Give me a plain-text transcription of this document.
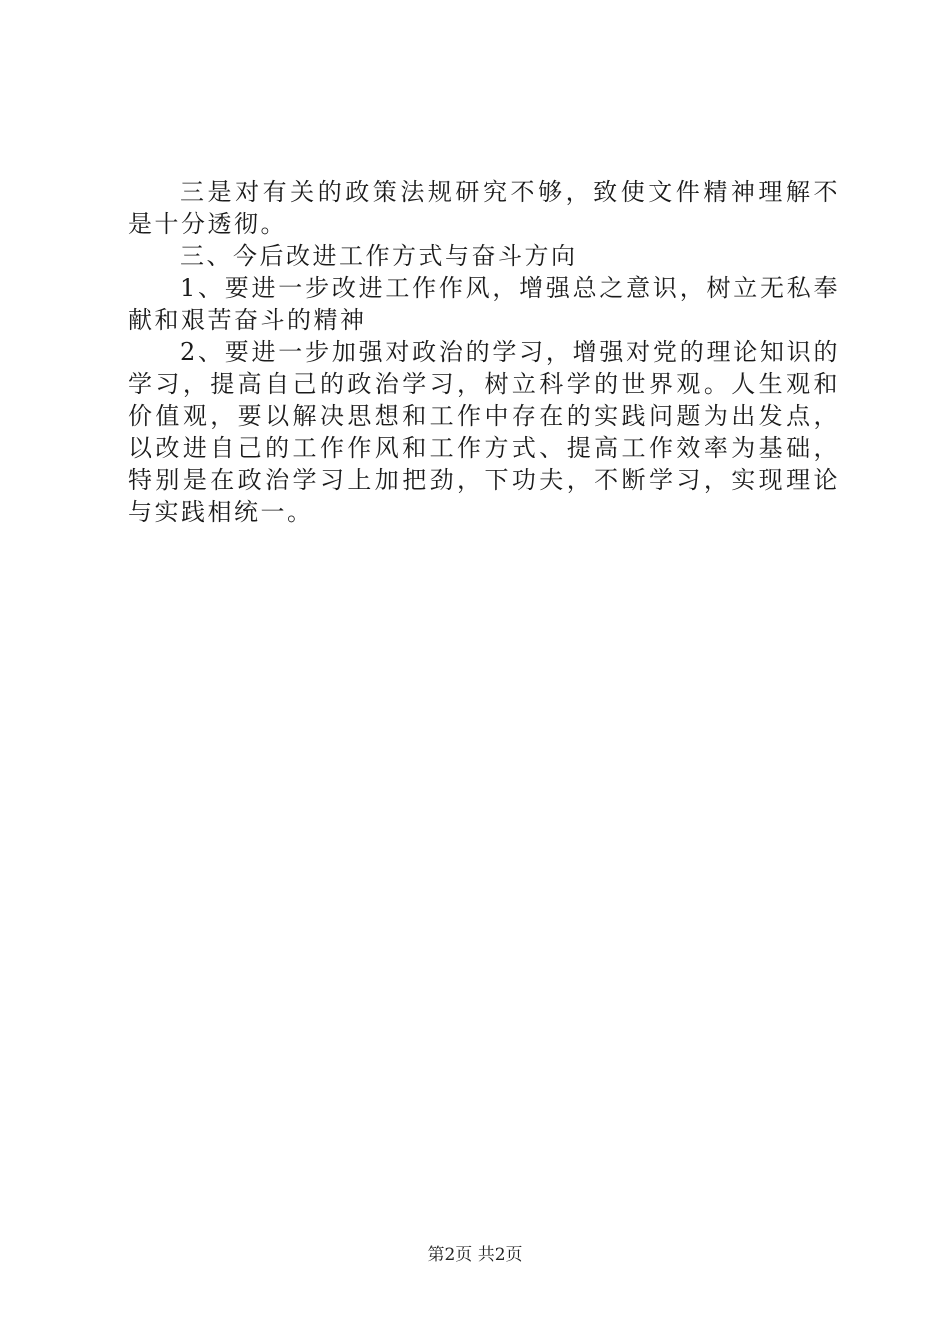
三是对有关的政策法规研究不够，致使文件精神理解不是十分透彻。

三、今后改进工作方式与奋斗方向

1、要进一步改进工作作风，增强总之意识，树立无私奉献和艰苦奋斗的精神

2、要进一步加强对政治的学习，增强对党的理论知识的学习，提高自己的政治学习，树立科学的世界观。人生观和价值观，要以解决思想和工作中存在的实践问题为出发点，以改进自己的工作作风和工作方式、提高工作效率为基础，特别是在政治学习上加把劲，下功夫，不断学习，实现理论与实践相统一。

第2页 共2页
